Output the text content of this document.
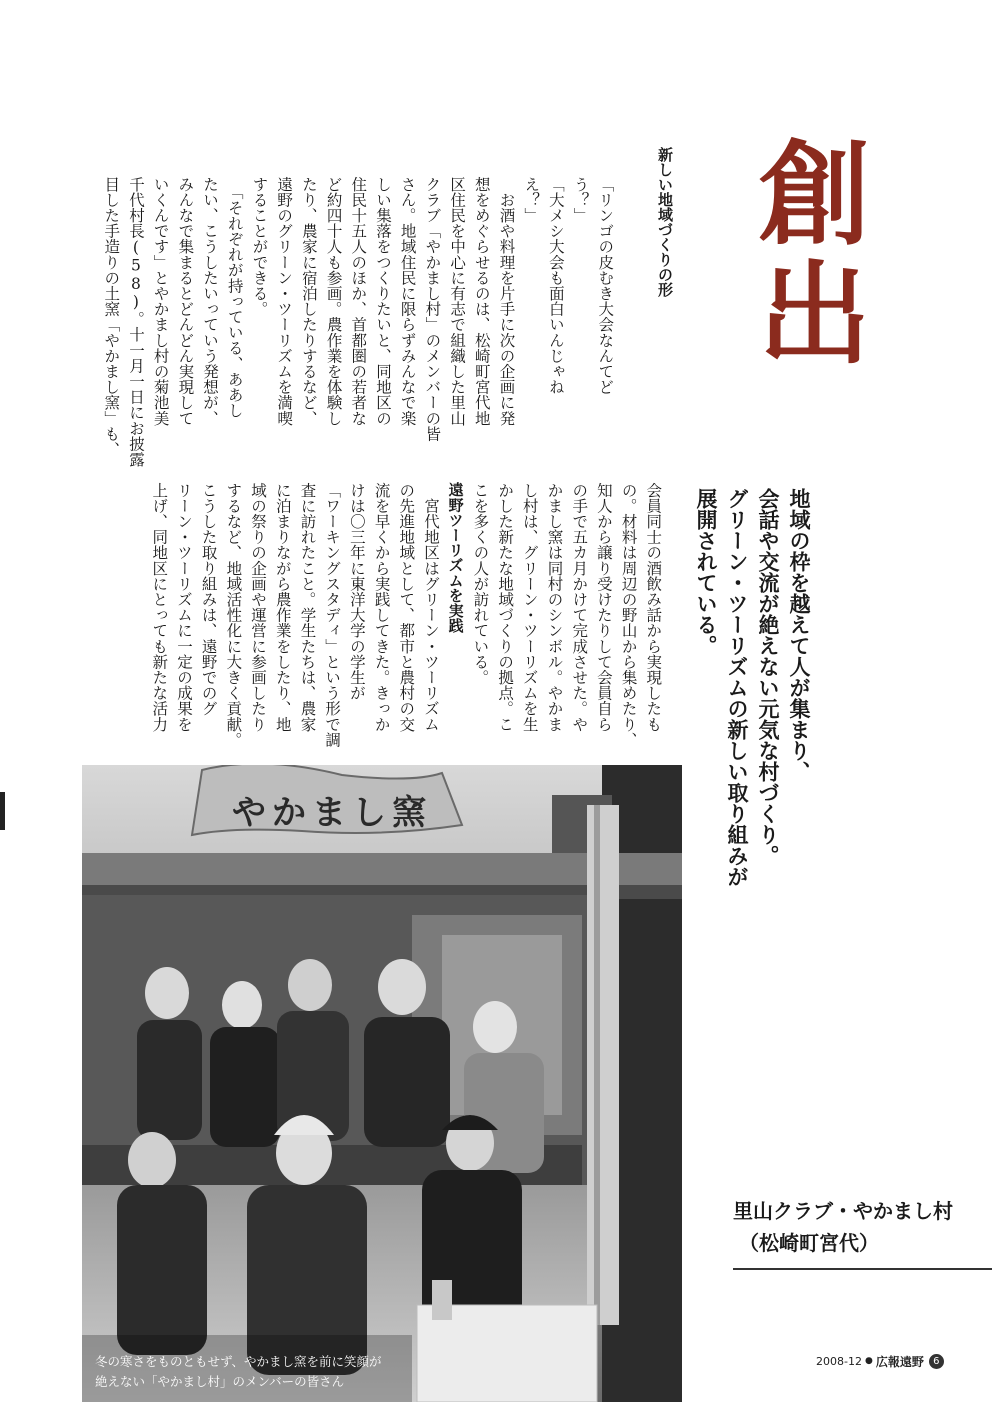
創出

地域の枠を越えて人が集まり、
会話や交流が絶えない元気な村づくり。
グリーン・ツーリズムの新しい取り組みが
展開されている。

新しい地域づくりの形

「リンゴの皮むき大会なんてど
う？」
「大メシ大会も面白いんじゃね
え？」
　お酒や料理を片手に次の企画に発
想をめぐらせるのは、松崎町宮代地
区住民を中心に有志で組織した里山
クラブ「やかまし村」のメンバーの皆
さん。地域住民に限らずみんなで楽
しい集落をつくりたいと、同地区の
住民十五人のほか、首都圏の若者な
ど約四十人も参画。農作業を体験し
たり、農家に宿泊したりするなど、
遠野のグリーン・ツーリズムを満喫
することができる。
　「それぞれが持っている、ああし
たい、こうしたいっていう発想が、
みんなで集まるとどんどん実現して
いくんです」とやかまし村の菊池美
千代村長(58)。十一月一日にお披露
目した手造りの土窯「やかまし窯」も、

会員同士の酒飲み話から実現したも
の。材料は周辺の野山から集めたり、
知人から譲り受けたりして会員自ら
の手で五カ月かけて完成させた。や
かまし窯は同村のシンボル。やかま
し村は、グリーン・ツーリズムを生
かした新たな地域づくりの拠点。こ
こを多くの人が訪れている。
遠野ツーリズムを実践
　宮代地区はグリーン・ツーリズム
の先進地域として、都市と農村の交
流を早くから実践してきた。きっか
けは〇三年に東洋大学の学生が
「ワーキングスタディ」という形で調
査に訪れたこと。学生たちは、農家
に泊まりながら農作業をしたり、地
域の祭りの企画や運営に参画したり
するなど、地域活性化に大きく貢献。
こうした取り組みは、遠野でのグ
リーン・ツーリズムに一定の成果を
上げ、同地区にとっても新たな活力

やかまし窯
冬の寒さをものともせず、やかまし窯を前に笑顔が
絶えない「やかまし村」のメンバーの皆さん
里山クラブ・やかまし村
（松崎町宮代）
2008-12 ● 広報遠野 6
